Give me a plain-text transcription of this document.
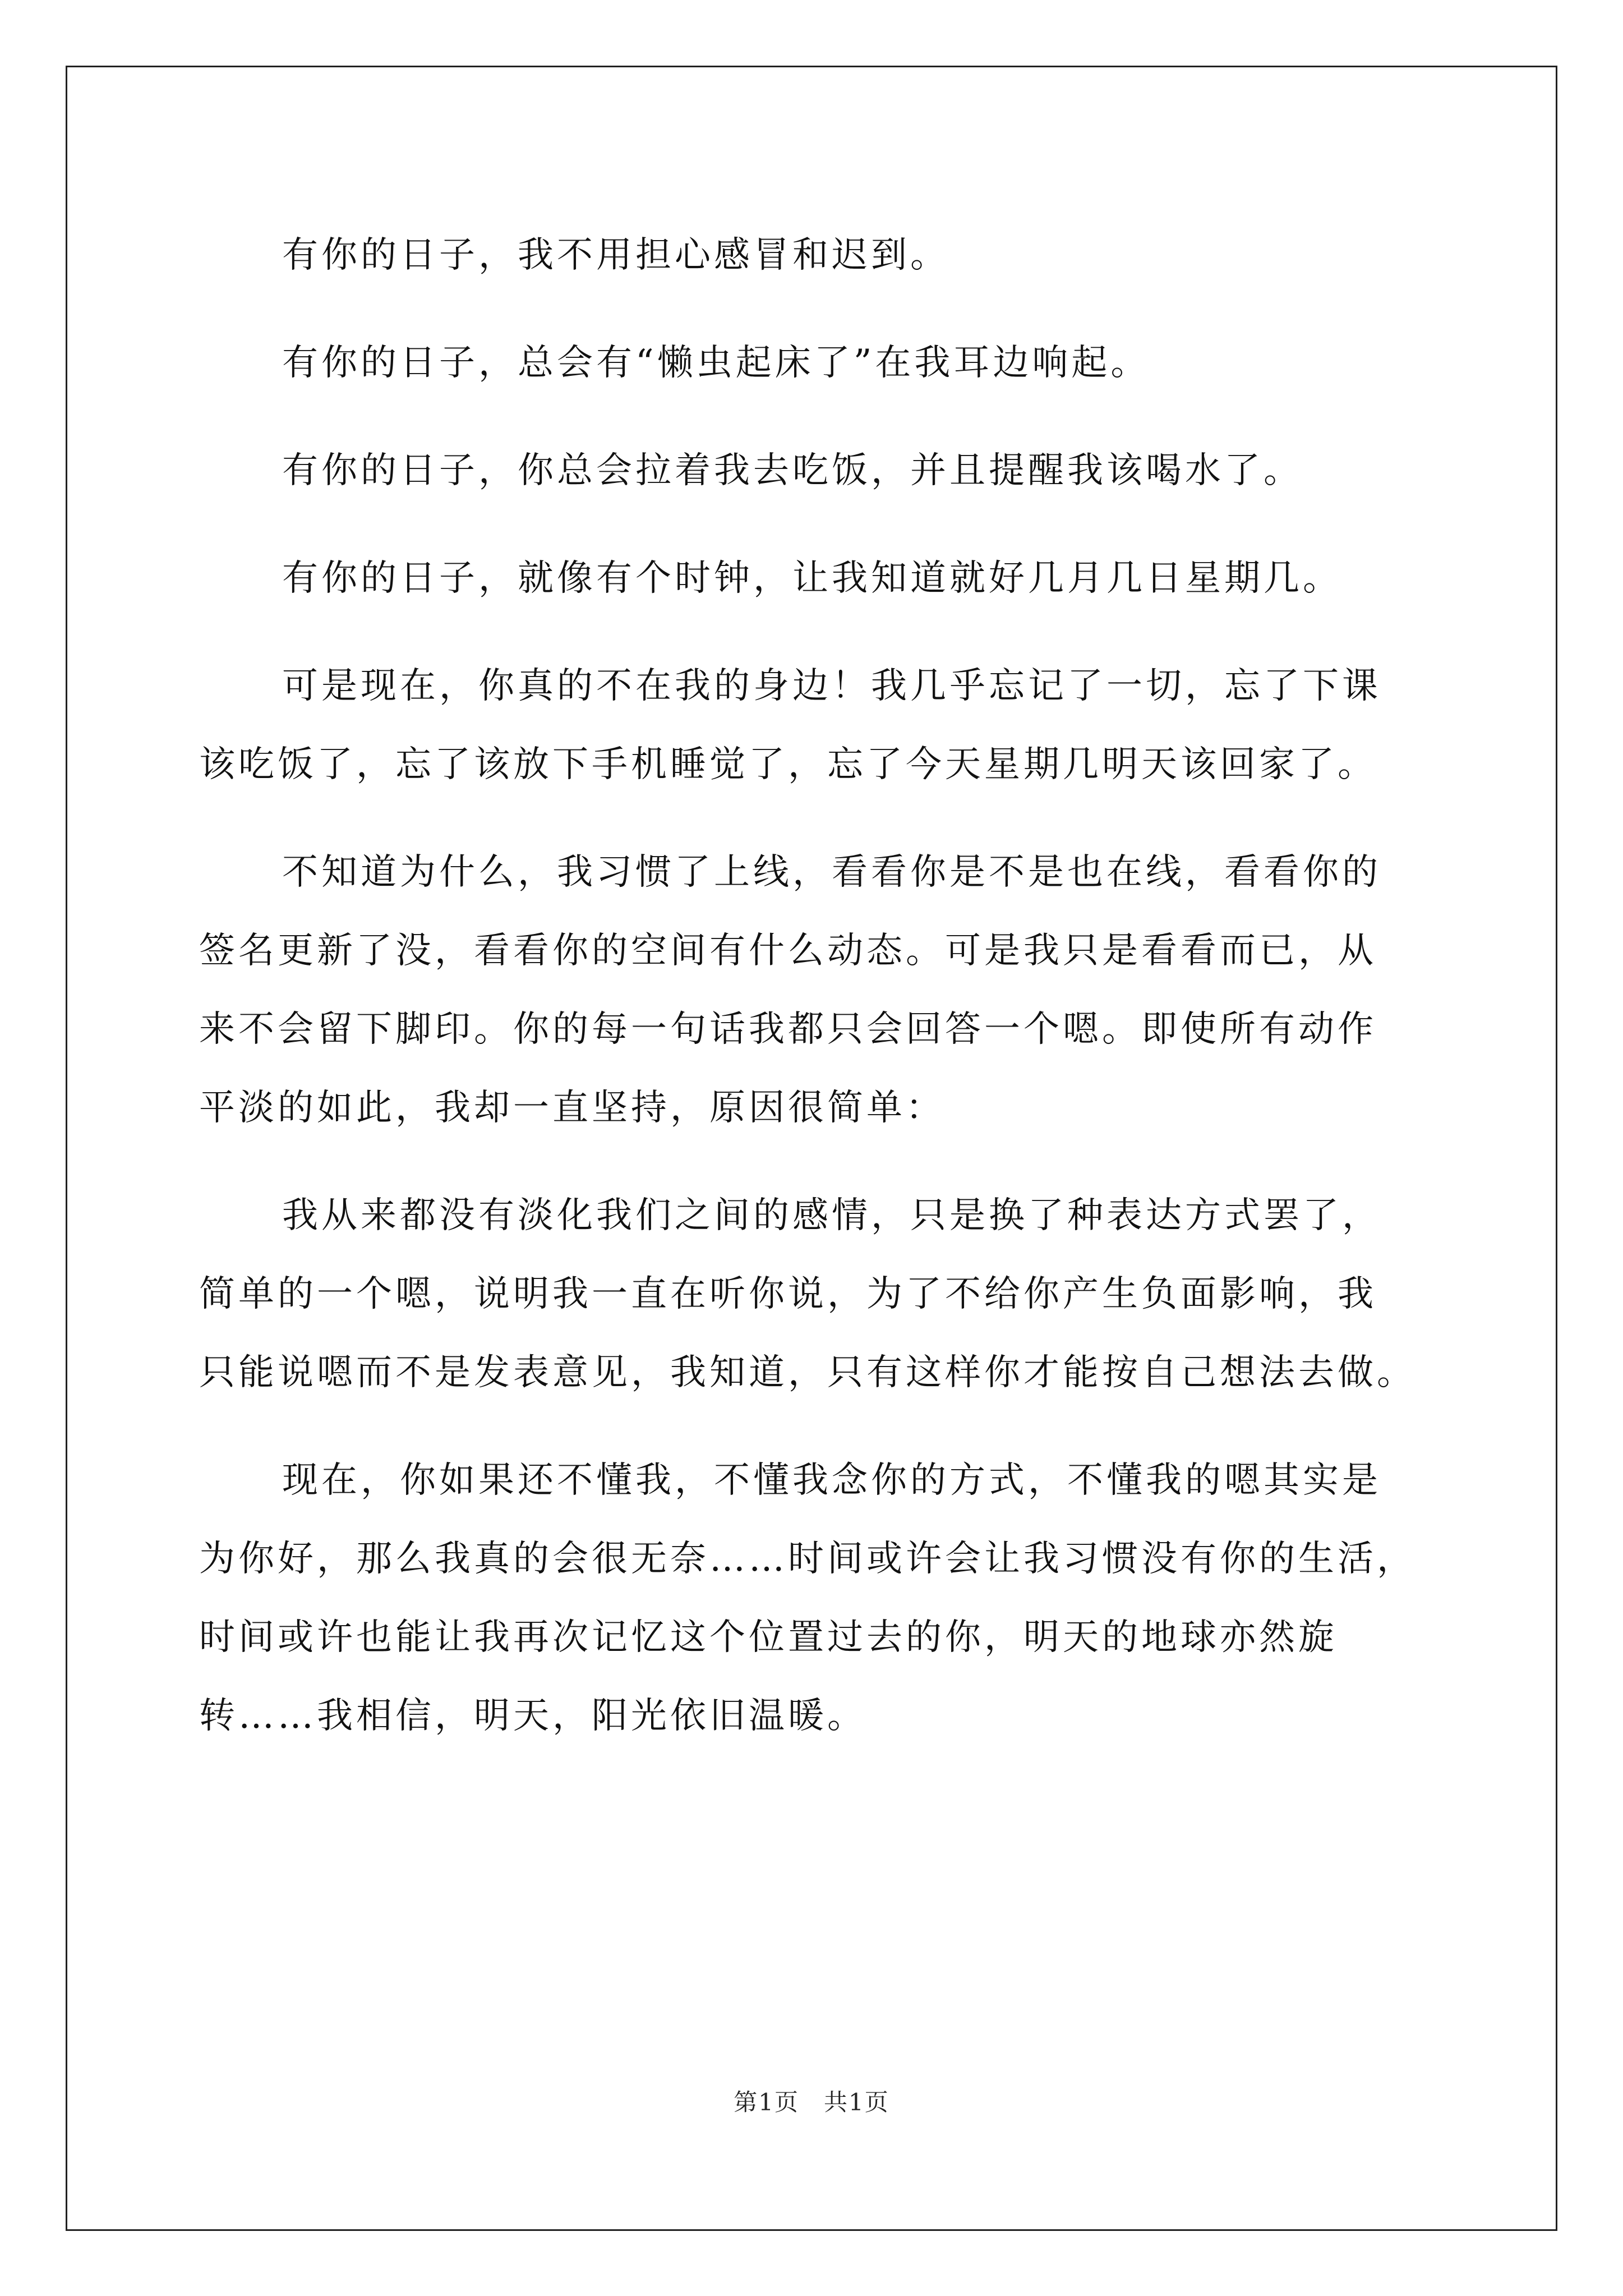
有你的日子，我不用担心感冒和迟到。

有你的日子，总会有“懒虫起床了”在我耳边响起。

有你的日子，你总会拉着我去吃饭，并且提醒我该喝水了。

有你的日子，就像有个时钟，让我知道就好几月几日星期几。

可是现在，你真的不在我的身边！我几乎忘记了一切，忘了下课
该吃饭了，忘了该放下手机睡觉了，忘了今天星期几明天该回家了。

不知道为什么，我习惯了上线，看看你是不是也在线，看看你的
签名更新了没，看看你的空间有什么动态。可是我只是看看而已，从
来不会留下脚印。你的每一句话我都只会回答一个嗯。即使所有动作
平淡的如此，我却一直坚持，原因很简单：

我从来都没有淡化我们之间的感情，只是换了种表达方式罢了，
简单的一个嗯，说明我一直在听你说，为了不给你产生负面影响，我
只能说嗯而不是发表意见，我知道，只有这样你才能按自己想法去做。

现在，你如果还不懂我，不懂我念你的方式，不懂我的嗯其实是
为你好，那么我真的会很无奈……时间或许会让我习惯没有你的生活，
时间或许也能让我再次记忆这个位置过去的你，明天的地球亦然旋
转……我相信，明天，阳光依旧温暖。

第1页　共1页
